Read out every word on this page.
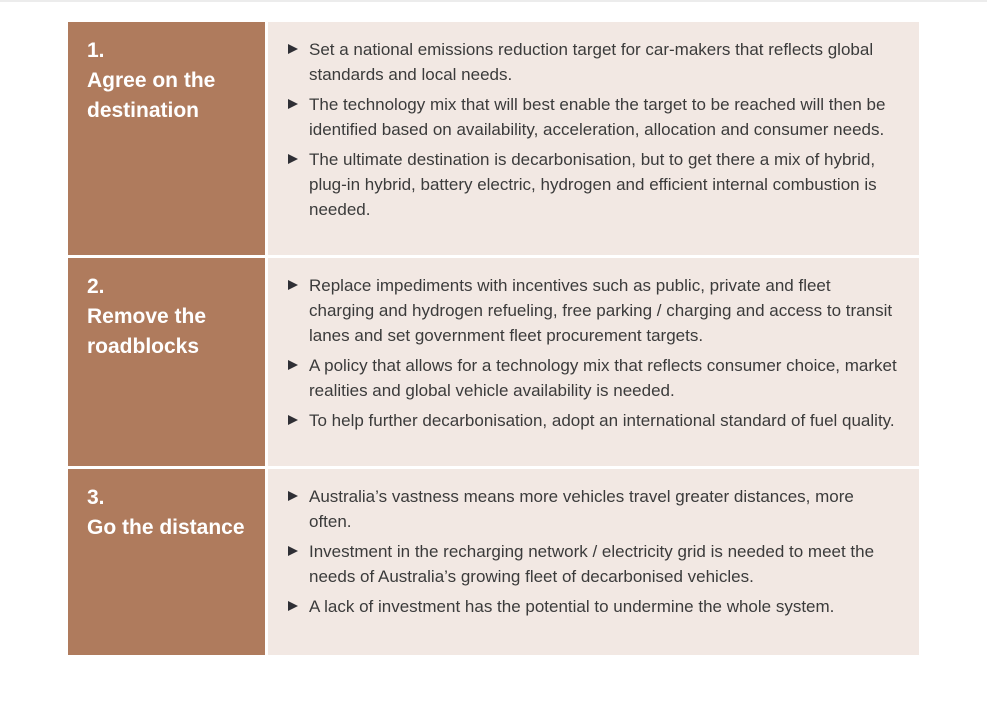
1.
Agree on the destination
Set a national emissions reduction target for car-makers that reflects global standards and local needs.
The technology mix that will best enable the target to be reached will then be identified based on availability, acceleration, allocation and consumer needs.
The ultimate destination is decarbonisation, but to get there a mix of hybrid, plug-in hybrid, battery electric, hydrogen and efficient internal combustion is needed.
2.
Remove the roadblocks
Replace impediments with incentives such as public, private and fleet charging and hydrogen refueling, free parking / charging and access to transit lanes and set government fleet procurement targets.
A policy that allows for a technology mix that reflects consumer choice, market realities and global vehicle availability is needed.
To help further decarbonisation, adopt an international standard of fuel quality.
3.
Go the distance
Australia’s vastness means more vehicles travel greater distances, more often.
Investment in the recharging network / electricity grid is needed to meet the needs of Australia’s growing fleet of decarbonised vehicles.
A lack of investment has the potential to undermine the whole system.
